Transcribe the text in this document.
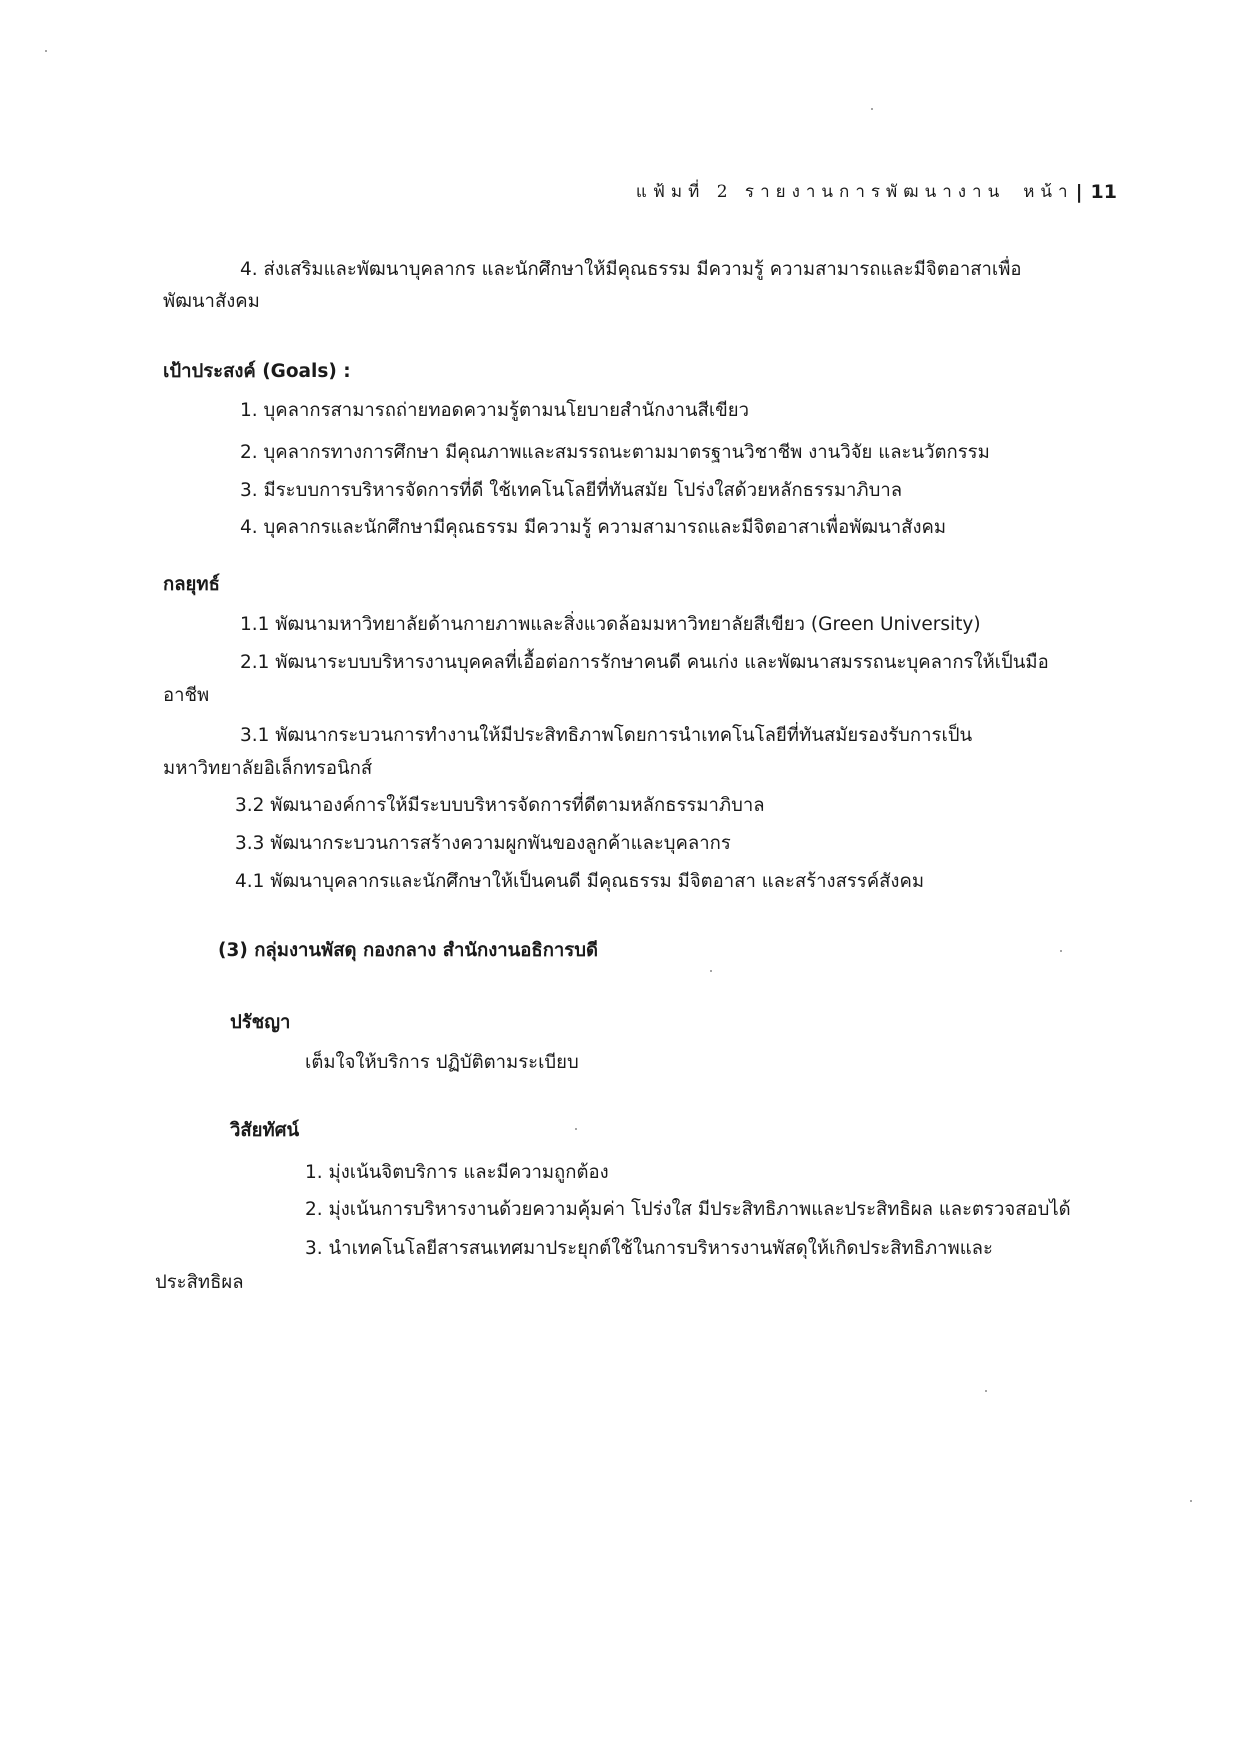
แฟ้มที่ 2 รายงานการพัฒนางาน หน้า | 11
4. ส่งเสริมและพัฒนาบุคลากร และนักศึกษาให้มีคุณธรรม มีความรู้ ความสามารถและมีจิตอาสาเพื่อ
พัฒนาสังคม
เป้าประสงค์ (Goals) :
1. บุคลากรสามารถถ่ายทอดความรู้ตามนโยบายสำนักงานสีเขียว
2. บุคลากรทางการศึกษา มีคุณภาพและสมรรถนะตามมาตรฐานวิชาชีพ งานวิจัย และนวัตกรรม
3. มีระบบการบริหารจัดการที่ดี ใช้เทคโนโลยีที่ทันสมัย โปร่งใสด้วยหลักธรรมาภิบาล
4. บุคลากรและนักศึกษามีคุณธรรม มีความรู้ ความสามารถและมีจิตอาสาเพื่อพัฒนาสังคม
กลยุทธ์
1.1 พัฒนามหาวิทยาลัยด้านกายภาพและสิ่งแวดล้อมมหาวิทยาลัยสีเขียว (Green University)
2.1 พัฒนาระบบบริหารงานบุคคลที่เอื้อต่อการรักษาคนดี คนเก่ง และพัฒนาสมรรถนะบุคลากรให้เป็นมือ
อาชีพ
3.1 พัฒนากระบวนการทำงานให้มีประสิทธิภาพโดยการนำเทคโนโลยีที่ทันสมัยรองรับการเป็น
มหาวิทยาลัยอิเล็กทรอนิกส์
3.2 พัฒนาองค์การให้มีระบบบริหารจัดการที่ดีตามหลักธรรมาภิบาล
3.3 พัฒนากระบวนการสร้างความผูกพันของลูกค้าและบุคลากร
4.1 พัฒนาบุคลากรและนักศึกษาให้เป็นคนดี มีคุณธรรม มีจิตอาสา และสร้างสรรค์สังคม
(3) กลุ่มงานพัสดุ กองกลาง สำนักงานอธิการบดี
ปรัชญา
เต็มใจให้บริการ ปฏิบัติตามระเบียบ
วิสัยทัศน์
1. มุ่งเน้นจิตบริการ และมีความถูกต้อง
2. มุ่งเน้นการบริหารงานด้วยความคุ้มค่า โปร่งใส มีประสิทธิภาพและประสิทธิผล และตรวจสอบได้
3. นำเทคโนโลยีสารสนเทศมาประยุกต์ใช้ในการบริหารงานพัสดุให้เกิดประสิทธิภาพและ
ประสิทธิผล
